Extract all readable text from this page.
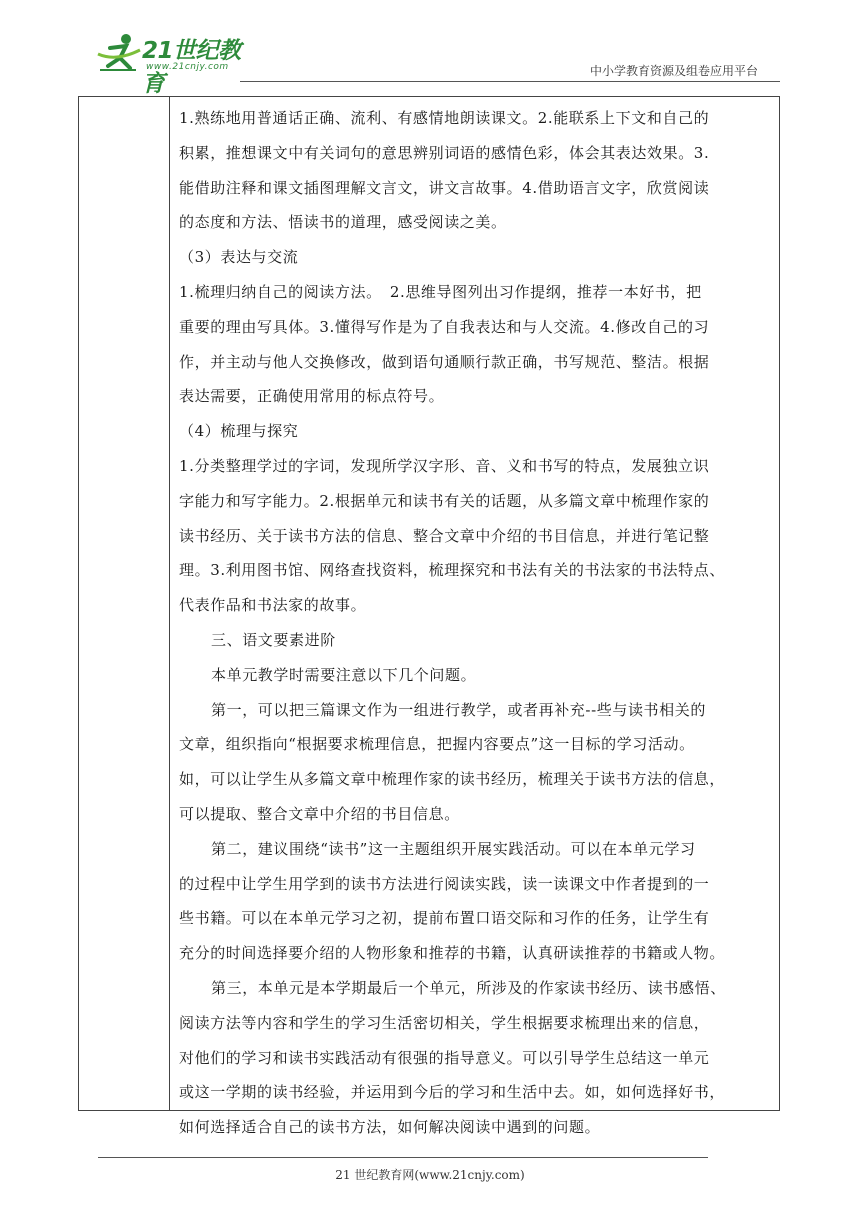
21世纪教育
www.21cnjy.com	中小学教育资源及组卷应用平台
1.熟练地用普通话正确、流利、有感情地朗读课文。2.能联系上下文和自己的
积累，推想课文中有关词句的意思辨别词语的感情色彩，体会其表达效果。3.
能借助注释和课文插图理解文言文，讲文言故事。4.借助语言文字，欣赏阅读
的态度和方法、悟读书的道理，感受阅读之美。
（3）表达与交流
1.梳理归纳自己的阅读方法。　2.思维导图列出习作提纲，推荐一本好书，把
重要的理由写具体。3.懂得写作是为了自我表达和与人交流。4.修改自己的习
作，并主动与他人交换修改，做到语句通顺行款正确，书写规范、整洁。根据
表达需要，正确使用常用的标点符号。
（4）梳理与探究
1.分类整理学过的字词，发现所学汉字形、音、义和书写的特点，发展独立识
字能力和写字能力。2.根据单元和读书有关的话题，从多篇文章中梳理作家的
读书经历、关于读书方法的信息、整合文章中介绍的书目信息，并进行笔记整
理。3.利用图书馆、网络查找资料，梳理探究和书法有关的书法家的书法特点、
代表作品和书法家的故事。
三、语文要素进阶
本单元教学时需要注意以下几个问题。
第一，可以把三篇课文作为一组进行教学，或者再补充--些与读书相关的
文章，组织指向“根据要求梳理信息，把握内容要点”这一目标的学习活动。
如，可以让学生从多篇文章中梳理作家的读书经历，梳理关于读书方法的信息，
可以提取、整合文章中介绍的书目信息。
第二，建议围绕“读书”这一主题组织开展实践活动。可以在本单元学习
的过程中让学生用学到的读书方法进行阅读实践，读一读课文中作者提到的一
些书籍。可以在本单元学习之初，提前布置口语交际和习作的任务，让学生有
充分的时间选择要介绍的人物形象和推荐的书籍，认真研读推荐的书籍或人物。
第三，本单元是本学期最后一个单元，所涉及的作家读书经历、读书感悟、
阅读方法等内容和学生的学习生活密切相关，学生根据要求梳理出来的信息，
对他们的学习和读书实践活动有很强的指导意义。可以引导学生总结这一单元
或这一学期的读书经验，并运用到今后的学习和生活中去。如，如何选择好书，
如何选择适合自己的读书方法，如何解决阅读中遇到的问题。
21 世纪教育网(www.21cnjy.com)
